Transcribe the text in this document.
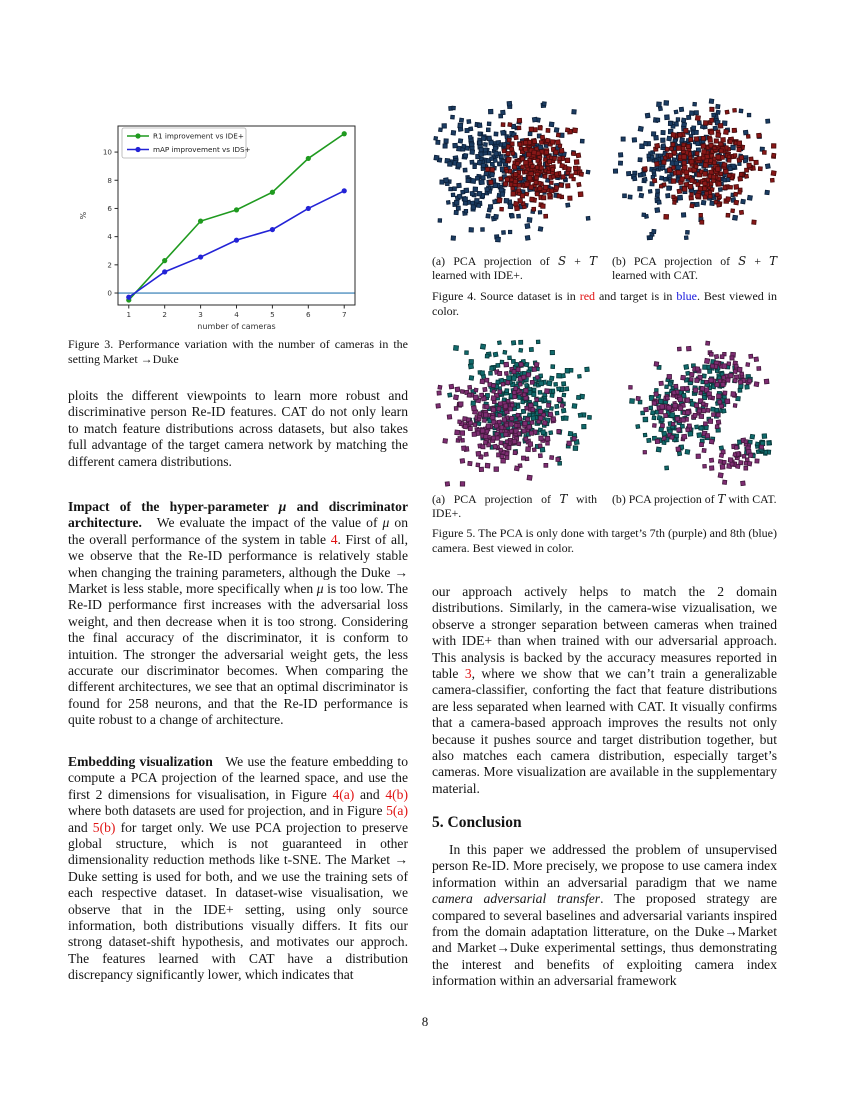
1	2	3	4	5	6	7
0
2
4
6
8
10
number of cameras
%
R1 improvement vs IDE+
mAP improvement vs IDS+
Figure 3. Performance variation with the number of cameras in the setting Market →Duke
ploits the different viewpoints to learn more robust and discriminative person Re-ID features. CAT do not only learn to match feature distributions across datasets, but also takes full advantage of the target camera network by matching the different camera distributions.
Impact of the hyper-parameter μ and discriminator architecture.   We evaluate the impact of the value of μ on the overall performance of the system in table 4. First of all, we observe that the Re-ID performance is relatively stable when changing the training parameters, although the Duke → Market is less stable, more specifically when μ is too low. The Re-ID performance first increases with the adversarial loss weight, and then decrease when it is too strong. Considering the final accuracy of the discriminator, it is conform to intuition. The stronger the adversarial weight gets, the less accurate our discriminator becomes. When comparing the different architectures, we see that an optimal discriminator is found for 258 neurons, and that the Re-ID performance is quite robust to a change of architecture.
Embedding visualization   We use the feature embedding to compute a PCA projection of the learned space, and use the first 2 dimensions for visualisation, in Figure 4(a) and 4(b) where both datasets are used for projection, and in Figure 5(a) and 5(b) for target only. We use PCA projection to preserve global structure, which is not guaranteed in other dimensionality reduction methods like t-SNE. The Market → Duke setting is used for both, and we use the training sets of each respective dataset. In dataset-wise visualisation, we observe that in the IDE+ setting, using only source information, both distributions visually differs. It fits our strong dataset-shift hypothesis, and motivates our approch. The features learned with CAT have a distribution discrepancy significantly lower, which indicates that
(a) PCA projection of S + T learned with IDE+.
(b) PCA projection of S + T learned with CAT.
Figure 4. Source dataset is in red and target is in blue. Best viewed in color.
(a) PCA projection of T with IDE+.
(b) PCA projection of T with CAT.
Figure 5. The PCA is only done with target’s 7th (purple) and 8th (blue) camera. Best viewed in color.
our approach actively helps to match the 2 domain distributions. Similarly, in the camera-wise vizualisation, we observe a stronger separation between cameras when trained with IDE+ than when trained with our adversarial approach. This analysis is backed by the accuracy measures reported in table 3, where we show that we can’t train a generalizable camera-classifier, conforting the fact that feature distributions are less separated when learned with CAT. It visually confirms that a camera-based approach improves the results not only because it pushes source and target distribution together, but also matches each camera distribution, especially target’s cameras. More visualization are available in the supplementary material.
5. Conclusion
In this paper we addressed the problem of unsupervised person Re-ID. More precisely, we propose to use camera index information within an adversarial paradigm that we name camera adversarial transfer. The proposed strategy are compared to several baselines and adversarial variants inspired from the domain adaptation litterature, on the Duke→Market and Market→Duke experimental settings, thus demonstrating the interest and benefits of exploiting camera index information within an adversarial framework
8
